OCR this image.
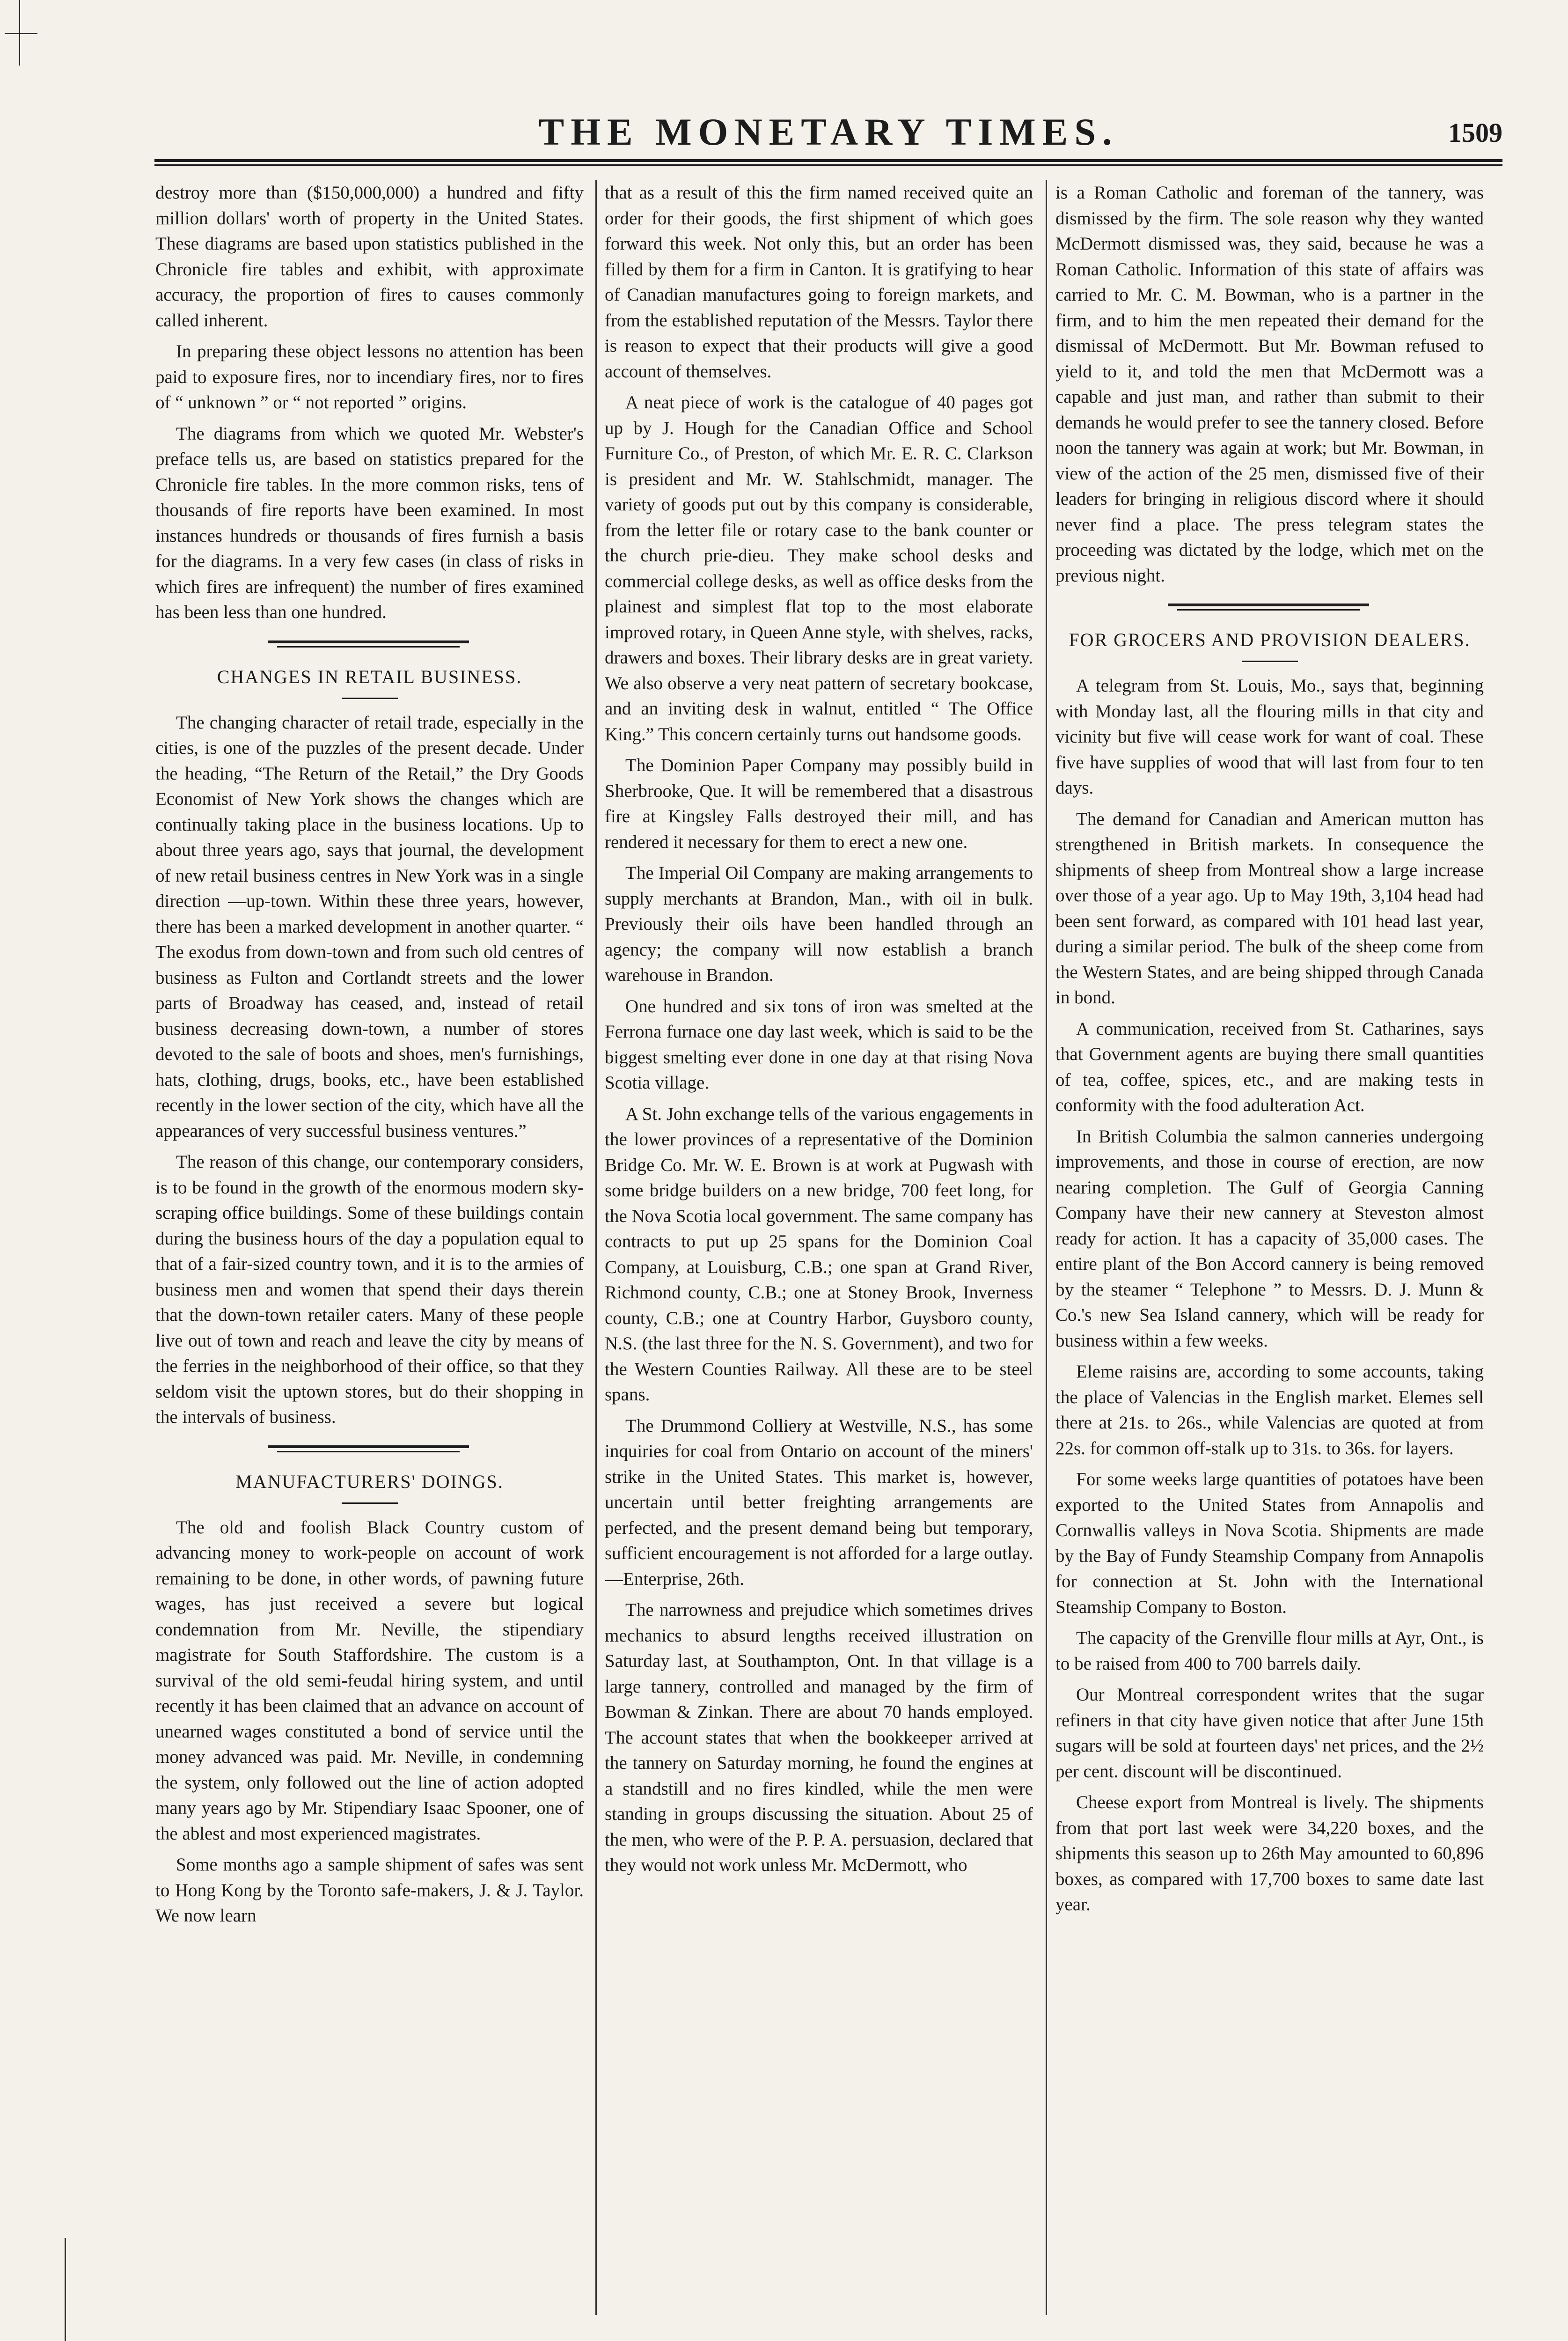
THE MONETARY TIMES.	1509

destroy more than ($150,000,000) a hundred and fifty million dollars' worth of property in the United States. These diagrams are based upon statistics published in the Chronicle fire tables and exhibit, with approximate accuracy, the proportion of fires to causes commonly called inherent.

In preparing these object lessons no attention has been paid to exposure fires, nor to incendiary fires, nor to fires of “ unknown ” or “ not reported ” origins.

The diagrams from which we quoted Mr. Webster's preface tells us, are based on statistics prepared for the Chronicle fire tables. In the more common risks, tens of thousands of fire reports have been examined. In most instances hundreds or thousands of fires furnish a basis for the diagrams. In a very few cases (in class of risks in which fires are infrequent) the number of fires examined has been less than one hundred.

CHANGES IN RETAIL BUSINESS.

The changing character of retail trade, especially in the cities, is one of the puzzles of the present decade. Under the heading, “The Return of the Retail,” the Dry Goods Economist of New York shows the changes which are continually taking place in the business locations. Up to about three years ago, says that journal, the development of new retail business centres in New York was in a single direction —up-town. Within these three years, however, there has been a marked development in another quarter. “ The exodus from down-town and from such old centres of business as Fulton and Cortlandt streets and the lower parts of Broadway has ceased, and, instead of retail business decreasing down-town, a number of stores devoted to the sale of boots and shoes, men's furnishings, hats, clothing, drugs, books, etc., have been established recently in the lower section of the city, which have all the appearances of very successful business ventures.”

The reason of this change, our contemporary considers, is to be found in the growth of the enormous modern sky-scraping office buildings. Some of these buildings contain during the business hours of the day a population equal to that of a fair-sized country town, and it is to the armies of business men and women that spend their days therein that the down-town retailer caters. Many of these people live out of town and reach and leave the city by means of the ferries in the neighborhood of their office, so that they seldom visit the uptown stores, but do their shopping in the intervals of business.

MANUFACTURERS' DOINGS.

The old and foolish Black Country custom of advancing money to work-people on account of work remaining to be done, in other words, of pawning future wages, has just received a severe but logical condemnation from Mr. Neville, the stipendiary magistrate for South Staffordshire. The custom is a survival of the old semi-feudal hiring system, and until recently it has been claimed that an advance on account of unearned wages constituted a bond of service until the money advanced was paid. Mr. Neville, in condemning the system, only followed out the line of action adopted many years ago by Mr. Stipendiary Isaac Spooner, one of the ablest and most experienced magistrates.

Some months ago a sample shipment of safes was sent to Hong Kong by the Toronto safe-makers, J. & J. Taylor. We now learn

that as a result of this the firm named received quite an order for their goods, the first shipment of which goes forward this week. Not only this, but an order has been filled by them for a firm in Canton. It is gratifying to hear of Canadian manufactures going to foreign markets, and from the established reputation of the Messrs. Taylor there is reason to expect that their products will give a good account of themselves.

A neat piece of work is the catalogue of 40 pages got up by J. Hough for the Canadian Office and School Furniture Co., of Preston, of which Mr. E. R. C. Clarkson is president and Mr. W. Stahlschmidt, manager. The variety of goods put out by this company is considerable, from the letter file or rotary case to the bank counter or the church prie-dieu. They make school desks and commercial college desks, as well as office desks from the plainest and simplest flat top to the most elaborate improved rotary, in Queen Anne style, with shelves, racks, drawers and boxes. Their library desks are in great variety. We also observe a very neat pattern of secretary bookcase, and an inviting desk in walnut, entitled “ The Office King.” This concern certainly turns out handsome goods.

The Dominion Paper Company may possibly build in Sherbrooke, Que. It will be remembered that a disastrous fire at Kingsley Falls destroyed their mill, and has rendered it necessary for them to erect a new one.

The Imperial Oil Company are making arrangements to supply merchants at Brandon, Man., with oil in bulk. Previously their oils have been handled through an agency; the company will now establish a branch warehouse in Brandon.

One hundred and six tons of iron was smelted at the Ferrona furnace one day last week, which is said to be the biggest smelting ever done in one day at that rising Nova Scotia village.

A St. John exchange tells of the various engagements in the lower provinces of a representative of the Dominion Bridge Co. Mr. W. E. Brown is at work at Pugwash with some bridge builders on a new bridge, 700 feet long, for the Nova Scotia local government. The same company has contracts to put up 25 spans for the Dominion Coal Company, at Louisburg, C.B.; one span at Grand River, Richmond county, C.B.; one at Stoney Brook, Inverness county, C.B.; one at Country Harbor, Guysboro county, N.S. (the last three for the N. S. Government), and two for the Western Counties Railway. All these are to be steel spans.

The Drummond Colliery at Westville, N.S., has some inquiries for coal from Ontario on account of the miners' strike in the United States. This market is, however, uncertain until better freighting arrangements are perfected, and the present demand being but temporary, sufficient encouragement is not afforded for a large outlay.—Enterprise, 26th.

The narrowness and prejudice which sometimes drives mechanics to absurd lengths received illustration on Saturday last, at Southampton, Ont. In that village is a large tannery, controlled and managed by the firm of Bowman & Zinkan. There are about 70 hands employed. The account states that when the bookkeeper arrived at the tannery on Saturday morning, he found the engines at a standstill and no fires kindled, while the men were standing in groups discussing the situation. About 25 of the men, who were of the P. P. A. persuasion, declared that they would not work unless Mr. McDermott, who

is a Roman Catholic and foreman of the tannery, was dismissed by the firm. The sole reason why they wanted McDermott dismissed was, they said, because he was a Roman Catholic. Information of this state of affairs was carried to Mr. C. M. Bowman, who is a partner in the firm, and to him the men repeated their demand for the dismissal of McDermott. But Mr. Bowman refused to yield to it, and told the men that McDermott was a capable and just man, and rather than submit to their demands he would prefer to see the tannery closed. Before noon the tannery was again at work; but Mr. Bowman, in view of the action of the 25 men, dismissed five of their leaders for bringing in religious discord where it should never find a place. The press telegram states the proceeding was dictated by the lodge, which met on the previous night.

FOR GROCERS AND PROVISION DEALERS.

A telegram from St. Louis, Mo., says that, beginning with Monday last, all the flouring mills in that city and vicinity but five will cease work for want of coal. These five have supplies of wood that will last from four to ten days.

The demand for Canadian and American mutton has strengthened in British markets. In consequence the shipments of sheep from Montreal show a large increase over those of a year ago. Up to May 19th, 3,104 head had been sent forward, as compared with 101 head last year, during a similar period. The bulk of the sheep come from the Western States, and are being shipped through Canada in bond.

A communication, received from St. Catharines, says that Government agents are buying there small quantities of tea, coffee, spices, etc., and are making tests in conformity with the food adulteration Act.

In British Columbia the salmon canneries undergoing improvements, and those in course of erection, are now nearing completion. The Gulf of Georgia Canning Company have their new cannery at Steveston almost ready for action. It has a capacity of 35,000 cases. The entire plant of the Bon Accord cannery is being removed by the steamer “ Telephone ” to Messrs. D. J. Munn & Co.'s new Sea Island cannery, which will be ready for business within a few weeks.

Eleme raisins are, according to some accounts, taking the place of Valencias in the English market. Elemes sell there at 21s. to 26s., while Valencias are quoted at from 22s. for common off-stalk up to 31s. to 36s. for layers.

For some weeks large quantities of potatoes have been exported to the United States from Annapolis and Cornwallis valleys in Nova Scotia. Shipments are made by the Bay of Fundy Steamship Company from Annapolis for connection at St. John with the International Steamship Company to Boston.

The capacity of the Grenville flour mills at Ayr, Ont., is to be raised from 400 to 700 barrels daily.

Our Montreal correspondent writes that the sugar refiners in that city have given notice that after June 15th sugars will be sold at fourteen days' net prices, and the 2½ per cent. discount will be discontinued.

Cheese export from Montreal is lively. The shipments from that port last week were 34,220 boxes, and the shipments this season up to 26th May amounted to 60,896 boxes, as compared with 17,700 boxes to same date last year.
